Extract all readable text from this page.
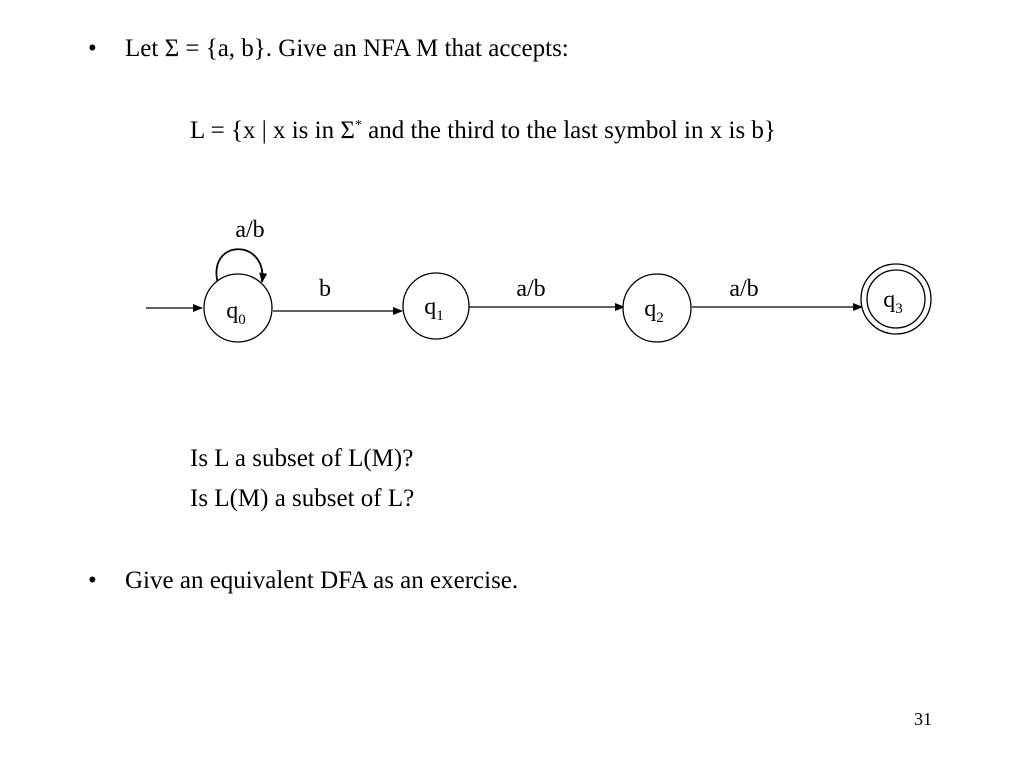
• Let Σ = {a, b}. Give an NFA M that accepts:
L = {x | x is in Σ* and the third to the last symbol in x is b}
a/b
b	a/b	a/b
$q_0$	$q_1$	$q_2$
$q_3$
Is L a subset of L(M)?
Is L(M) a subset of L?
• Give an equivalent DFA as an exercise.
31
